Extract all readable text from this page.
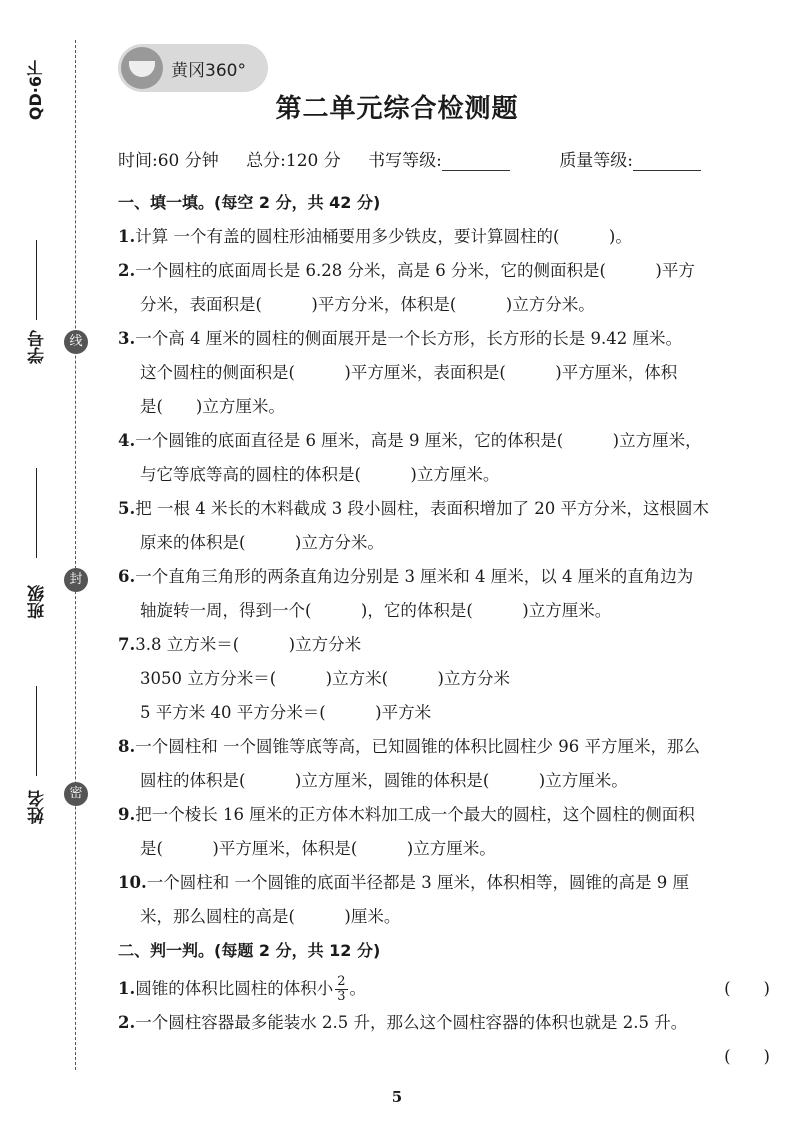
QD·6下
学号	线
班级
封
姓名	密
黄冈360°
第二单元综合检测题
时间:60 分钟 总分:120 分 书写等级:	质量等级:
一、填一填。(每空 2 分，共 42 分)
1.计算 一个有盖的圆柱形油桶要用多少铁皮，要计算圆柱的(　　　)。
2.一个圆柱的底面周长是 6.28 分米，高是 6 分米，它的侧面积是(　　　)平方
分米，表面积是(　　　)平方分米，体积是(　　　)立方分米。
3.一个高 4 厘米的圆柱的侧面展开是一个长方形，长方形的长是 9.42 厘米。
这个圆柱的侧面积是(　　　)平方厘米，表面积是(　　　)平方厘米，体积
是(　　)立方厘米。
4.一个圆锥的底面直径是 6 厘米，高是 9 厘米，它的体积是(　　　)立方厘米，
与它等底等高的圆柱的体积是(　　　)立方厘米。
5.把 一根 4 米长的木料截成 3 段小圆柱，表面积增加了 20 平方分米，这根圆木
原来的体积是(　　　)立方分米。
6.一个直角三角形的两条直角边分别是 3 厘米和 4 厘米，以 4 厘米的直角边为
轴旋转一周，得到一个(　　　)，它的体积是(　　　)立方厘米。
7.3.8 立方米＝(　　　)立方分米
3050 立方分米＝(　　　)立方米(　　　)立方分米
5 平方米 40 平方分米＝(　　　)平方米
8.一个圆柱和 一个圆锥等底等高，已知圆锥的体积比圆柱少 96 平方厘米，那么
圆柱的体积是(　　　)立方厘米，圆锥的体积是(　　　)立方厘米。
9.把一个棱长 16 厘米的正方体木料加工成一个最大的圆柱，这个圆柱的侧面积
是(　　　)平方厘米，体积是(　　　)立方厘米。
10.一个圆柱和 一个圆锥的底面半径都是 3 厘米，体积相等，圆锥的高是 9 厘
米，那么圆柱的高是(　　　)厘米。
二、判一判。(每题 2 分，共 12 分)
1.圆锥的体积比圆柱的体积小 $\frac{2}{3}$ 。	(　　)
2.一个圆柱容器最多能装水 2.5 升，那么这个圆柱容器的体积也就是 2.5 升。
(　　)
5
